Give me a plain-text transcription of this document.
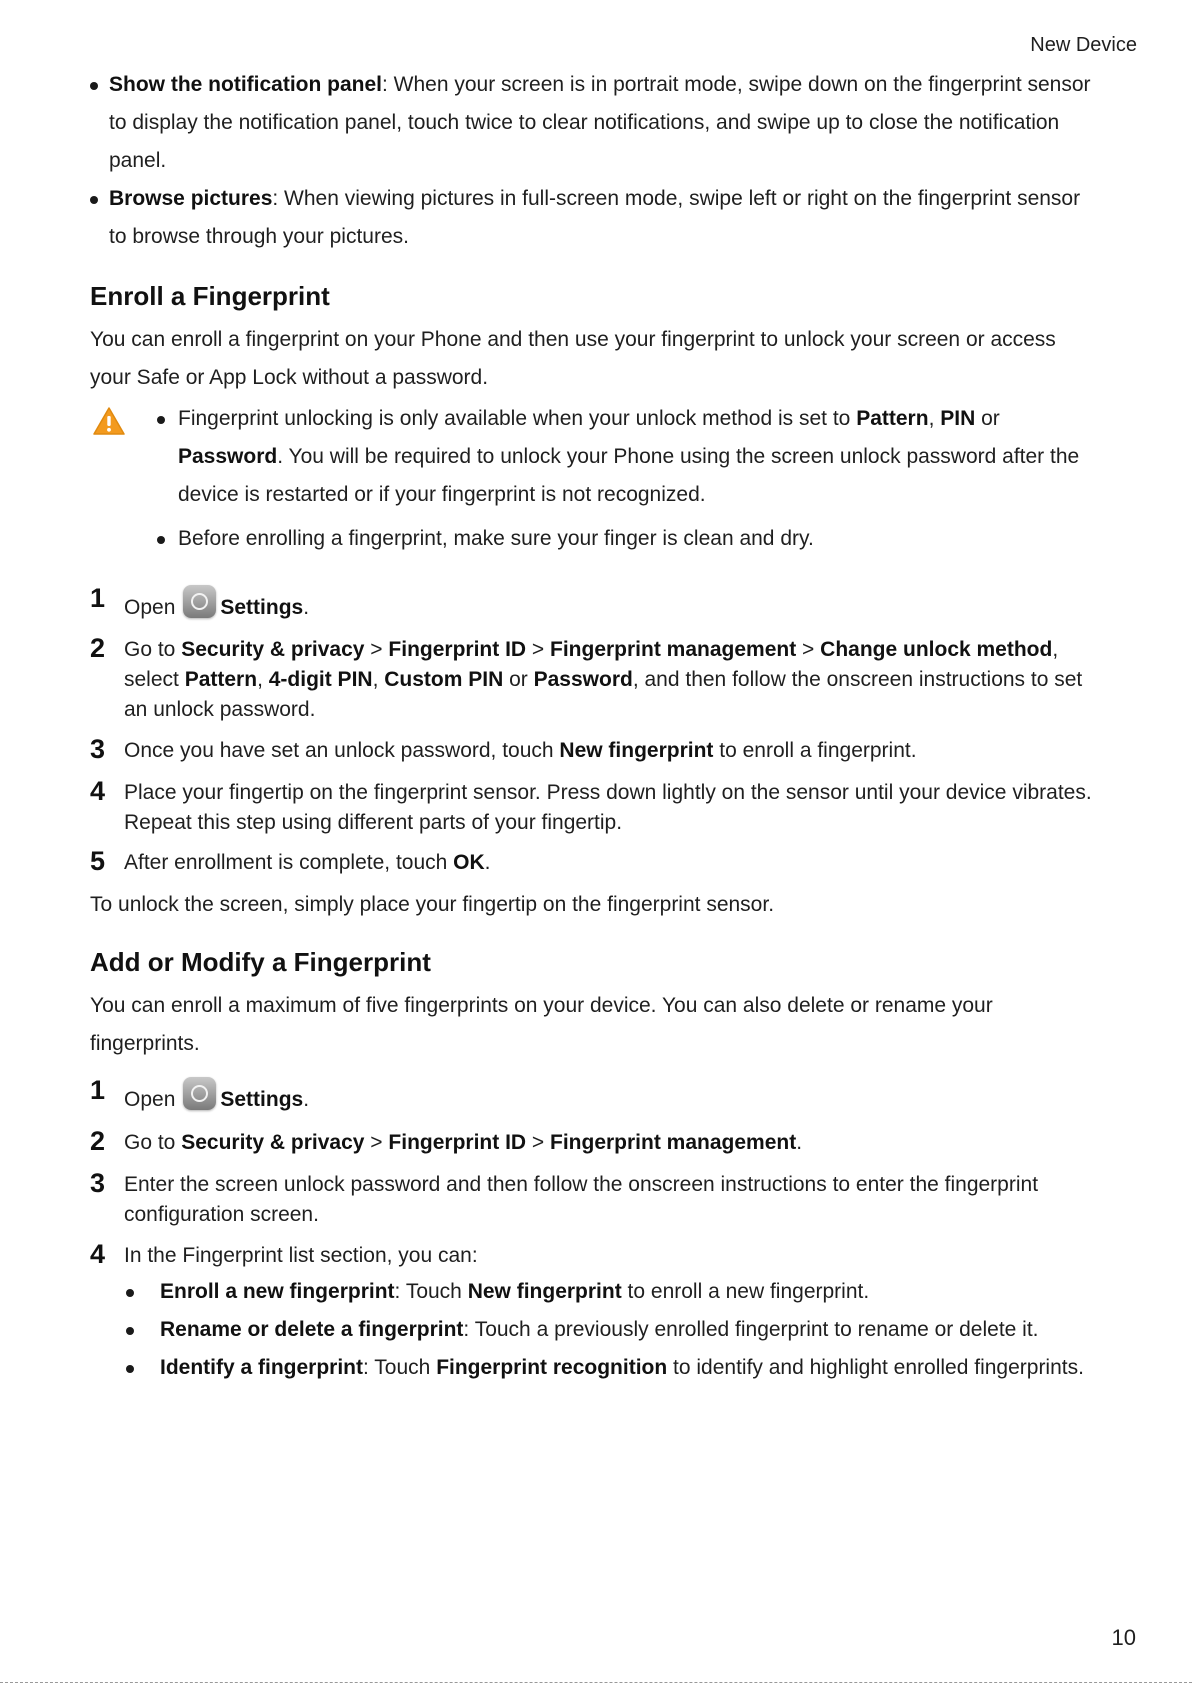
New Device
Show the notification panel: When your screen is in portrait mode, swipe down on the fingerprint sensor to display the notification panel, touch twice to clear notifications, and swipe up to close the notification panel.
Browse pictures: When viewing pictures in full-screen mode, swipe left or right on the fingerprint sensor to browse through your pictures.
Enroll a Fingerprint

You can enroll a fingerprint on your Phone and then use your fingerprint to unlock your screen or access your Safe or App Lock without a password.

Fingerprint unlocking is only available when your unlock method is set to Pattern, PIN or Password. You will be required to unlock your Phone using the screen unlock password after the device is restarted or if your fingerprint is not recognized.
Before enrolling a fingerprint, make sure your finger is clean and dry.
1 Open Settings.
2 Go to Security & privacy > Fingerprint ID > Fingerprint management > Change unlock method, select Pattern, 4-digit PIN, Custom PIN or Password, and then follow the onscreen instructions to set an unlock password.
3 Once you have set an unlock password, touch New fingerprint to enroll a fingerprint.
4 Place your fingertip on the fingerprint sensor. Press down lightly on the sensor until your device vibrates. Repeat this step using different parts of your fingertip.
5 After enrollment is complete, touch OK.

To unlock the screen, simply place your fingertip on the fingerprint sensor.

Add or Modify a Fingerprint

You can enroll a maximum of five fingerprints on your device. You can also delete or rename your fingerprints.

1 Open Settings.
2 Go to Security & privacy > Fingerprint ID > Fingerprint management.
3 Enter the screen unlock password and then follow the onscreen instructions to enter the fingerprint configuration screen.
4 In the Fingerprint list section, you can:
Enroll a new fingerprint: Touch New fingerprint to enroll a new fingerprint.
Rename or delete a fingerprint: Touch a previously enrolled fingerprint to rename or delete it.
Identify a fingerprint: Touch Fingerprint recognition to identify and highlight enrolled fingerprints.
10
